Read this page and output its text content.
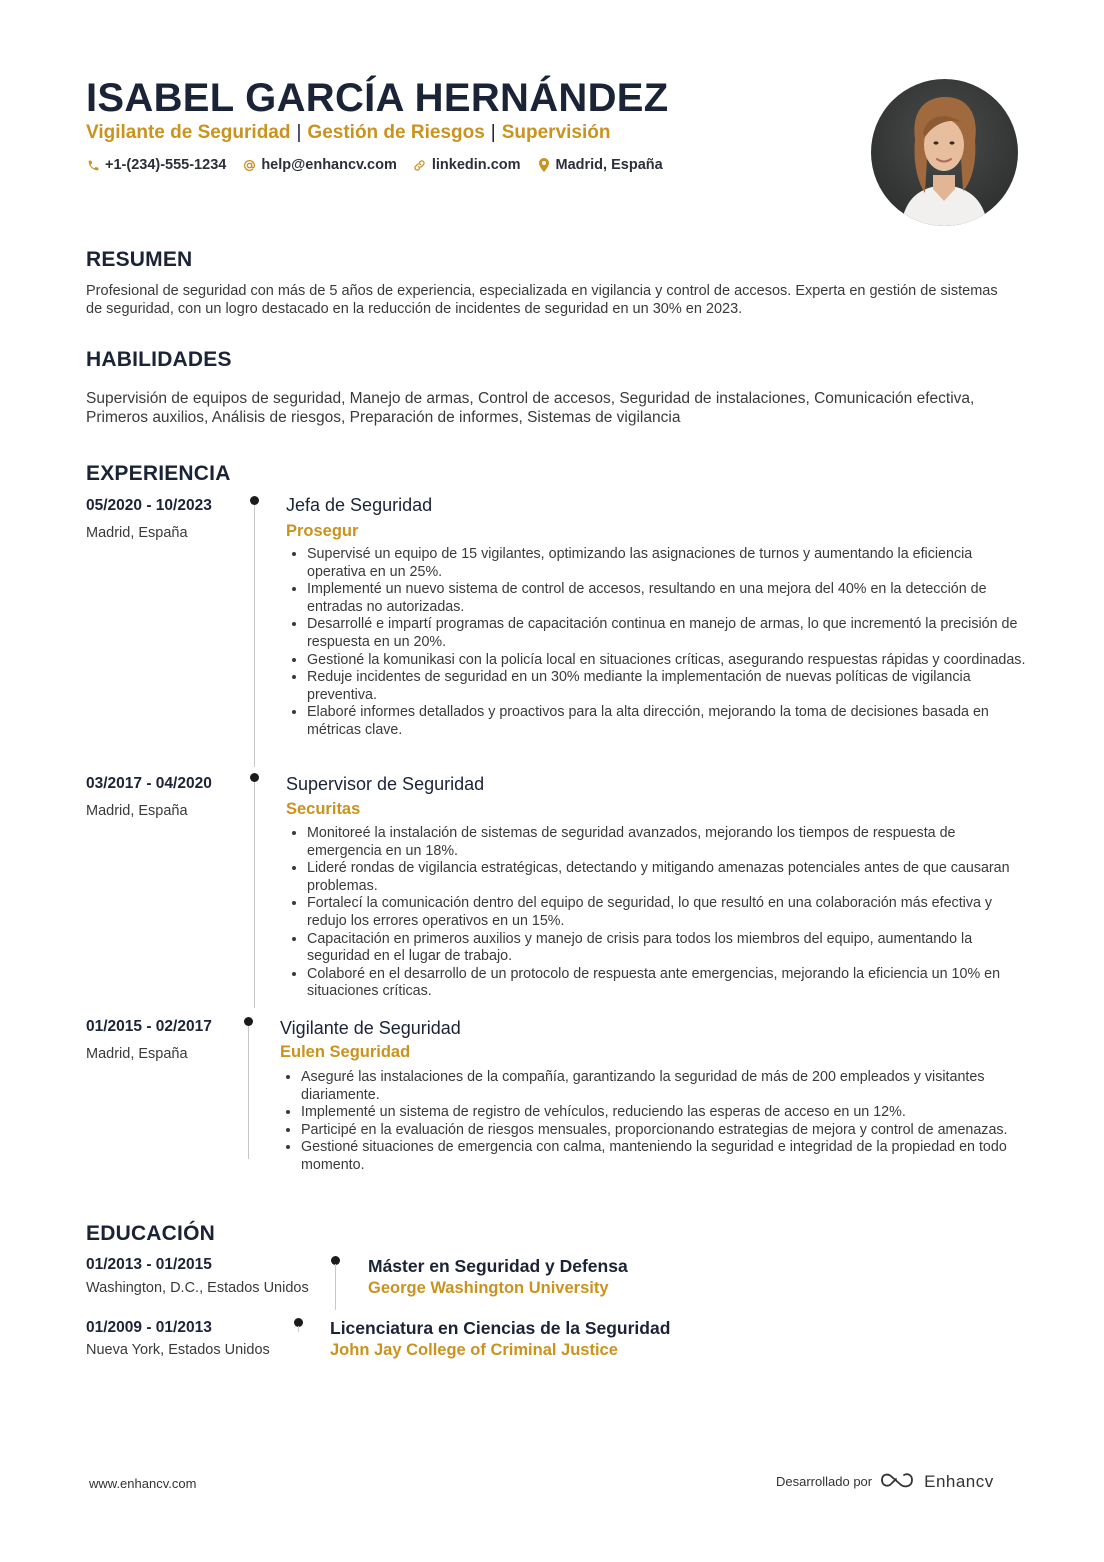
ISABEL GARCÍA HERNÁNDEZ
Vigilante de Seguridad | Gestión de Riesgos | Supervisión
+1-(234)-555-1234 help@enhancv.com linkedin.com Madrid, España
RESUMEN

Profesional de seguridad con más de 5 años de experiencia, especializada en vigilancia y control de accesos. Experta en gestión de sistemas de seguridad, con un logro destacado en la reducción de incidentes de seguridad en un 30% en 2023.

HABILIDADES

Supervisión de equipos de seguridad, Manejo de armas, Control de accesos, Seguridad de instalaciones, Comunicación efectiva, Primeros auxilios, Análisis de riesgos, Preparación de informes, Sistemas de vigilancia

EXPERIENCIA
05/2020 - 10/2023
Madrid, España
Jefa de Seguridad
Prosegur
• Supervisé un equipo de 15 vigilantes, optimizando las asignaciones de turnos y aumentando la eficiencia operativa en un 25%.
• Implementé un nuevo sistema de control de accesos, resultando en una mejora del 40% en la detección de entradas no autorizadas.
• Desarrollé e impartí programas de capacitación continua en manejo de armas, lo que incrementó la precisión de respuesta en un 20%.
• Gestioné la komunikasi con la policía local en situaciones críticas, asegurando respuestas rápidas y coordinadas.
• Reduje incidentes de seguridad en un 30% mediante la implementación de nuevas políticas de vigilancia preventiva.
• Elaboré informes detallados y proactivos para la alta dirección, mejorando la toma de decisiones basada en métricas clave.
03/2017 - 04/2020
Madrid, España
Supervisor de Seguridad
Securitas
• Monitoreé la instalación de sistemas de seguridad avanzados, mejorando los tiempos de respuesta de emergencia en un 18%.
• Lideré rondas de vigilancia estratégicas, detectando y mitigando amenazas potenciales antes de que causaran problemas.
• Fortalecí la comunicación dentro del equipo de seguridad, lo que resultó en una colaboración más efectiva y redujo los errores operativos en un 15%.
• Capacitación en primeros auxilios y manejo de crisis para todos los miembros del equipo, aumentando la seguridad en el lugar de trabajo.
• Colaboré en el desarrollo de un protocolo de respuesta ante emergencias, mejorando la eficiencia un 10% en situaciones críticas.
01/2015 - 02/2017
Madrid, España
Vigilante de Seguridad
Eulen Seguridad
• Aseguré las instalaciones de la compañía, garantizando la seguridad de más de 200 empleados y visitantes diariamente.
• Implementé un sistema de registro de vehículos, reduciendo las esperas de acceso en un 12%.
• Participé en la evaluación de riesgos mensuales, proporcionando estrategias de mejora y control de amenazas.
• Gestioné situaciones de emergencia con calma, manteniendo la seguridad e integridad de la propiedad en todo momento.
EDUCACIÓN
01/2013 - 01/2015
Washington, D.C., Estados Unidos
Máster en Seguridad y Defensa
George Washington University
01/2009 - 01/2013
Nueva York, Estados Unidos
Licenciatura en Ciencias de la Seguridad
John Jay College of Criminal Justice
www.enhancv.com	Desarrollado por	Enhancv
